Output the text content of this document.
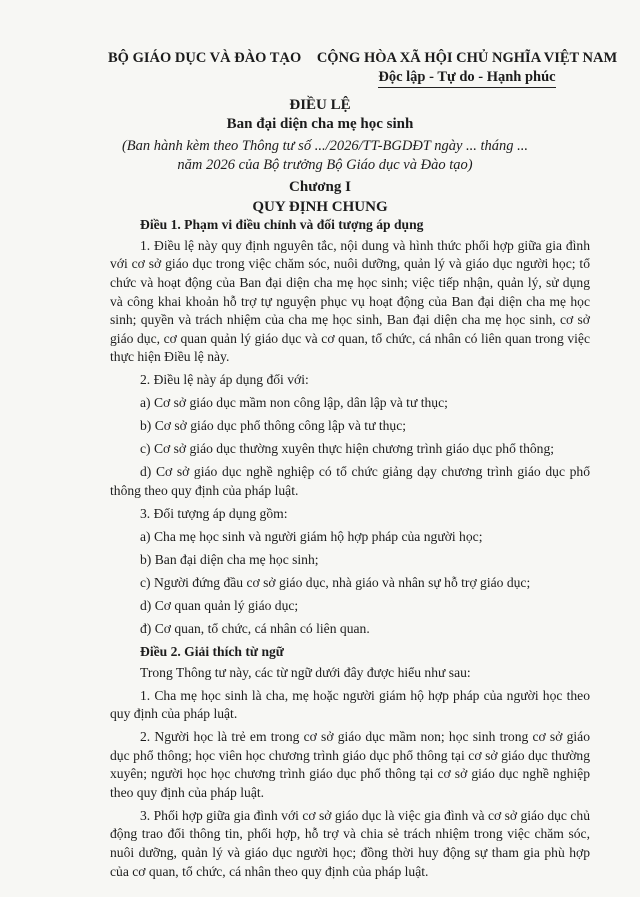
BỘ GIÁO DỤC VÀ ĐÀO TẠO	CỘNG HÒA XÃ HỘI CHỦ NGHĨA VIỆT NAM
Độc lập - Tự do - Hạnh phúc
ĐIỀU LỆ
Ban đại diện cha mẹ học sinh
(Ban hành kèm theo Thông tư số .../2026/TT-BGDĐT ngày ... tháng ... năm 2026 của Bộ trưởng Bộ Giáo dục và Đào tạo)
Chương I
QUY ĐỊNH CHUNG

Điều 1. Phạm vi điều chỉnh và đối tượng áp dụng

1. Điều lệ này quy định nguyên tắc, nội dung và hình thức phối hợp giữa gia đình với cơ sở giáo dục trong việc chăm sóc, nuôi dưỡng, quản lý và giáo dục người học; tổ chức và hoạt động của Ban đại diện cha mẹ học sinh; việc tiếp nhận, quản lý, sử dụng và công khai khoản hỗ trợ tự nguyện phục vụ hoạt động của Ban đại diện cha mẹ học sinh; quyền và trách nhiệm của cha mẹ học sinh, Ban đại diện cha mẹ học sinh, cơ sở giáo dục, cơ quan quản lý giáo dục và cơ quan, tổ chức, cá nhân có liên quan trong việc thực hiện Điều lệ này.

2. Điều lệ này áp dụng đối với:

a) Cơ sở giáo dục mầm non công lập, dân lập và tư thục;

b) Cơ sở giáo dục phổ thông công lập và tư thục;

c) Cơ sở giáo dục thường xuyên thực hiện chương trình giáo dục phổ thông;

d) Cơ sở giáo dục nghề nghiệp có tổ chức giảng dạy chương trình giáo dục phổ thông theo quy định của pháp luật.

3. Đối tượng áp dụng gồm:

a) Cha mẹ học sinh và người giám hộ hợp pháp của người học;

b) Ban đại diện cha mẹ học sinh;

c) Người đứng đầu cơ sở giáo dục, nhà giáo và nhân sự hỗ trợ giáo dục;

d) Cơ quan quản lý giáo dục;

đ) Cơ quan, tổ chức, cá nhân có liên quan.

Điều 2. Giải thích từ ngữ

Trong Thông tư này, các từ ngữ dưới đây được hiểu như sau:

1. Cha mẹ học sinh là cha, mẹ hoặc người giám hộ hợp pháp của người học theo quy định của pháp luật.

2. Người học là trẻ em trong cơ sở giáo dục mầm non; học sinh trong cơ sở giáo dục phổ thông; học viên học chương trình giáo dục phổ thông tại cơ sở giáo dục thường xuyên; người học học chương trình giáo dục phổ thông tại cơ sở giáo dục nghề nghiệp theo quy định của pháp luật.

3. Phối hợp giữa gia đình với cơ sở giáo dục là việc gia đình và cơ sở giáo dục chủ động trao đổi thông tin, phối hợp, hỗ trợ và chia sẻ trách nhiệm trong việc chăm sóc, nuôi dưỡng, quản lý và giáo dục người học; đồng thời huy động sự tham gia phù hợp của cơ quan, tổ chức, cá nhân theo quy định của pháp luật.
